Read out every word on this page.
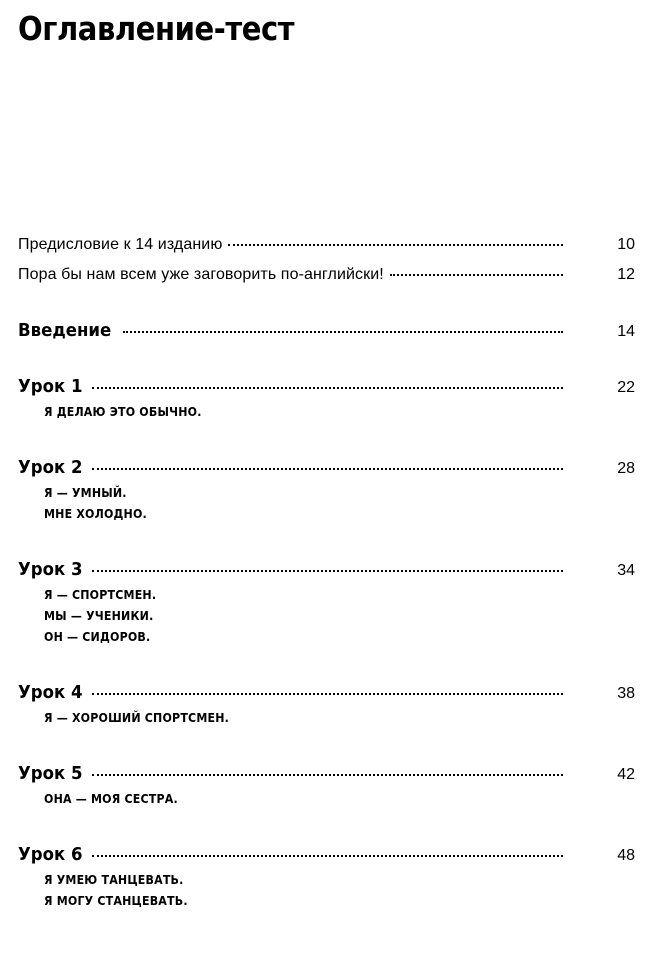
Оглавление-тест
Предисловие к 14 изданию	10
Пора бы нам всем уже заговорить по-английски!	12
Введение	14
Урок 1	22
Я ДЕЛАЮ ЭТО ОБЫЧНО.
Урок 2	28
Я — УМНЫЙ.
МНЕ ХОЛОДНО.
Урок 3	34
Я — СПОРТСМЕН.
МЫ — УЧЕНИКИ.
ОН — СИДОРОВ.
Урок 4	38
Я — ХОРОШИЙ СПОРТСМЕН.
Урок 5	42
ОНА — МОЯ СЕСТРА.
Урок 6	48
Я УМЕЮ ТАНЦЕВАТЬ.
Я МОГУ СТАНЦЕВАТЬ.
